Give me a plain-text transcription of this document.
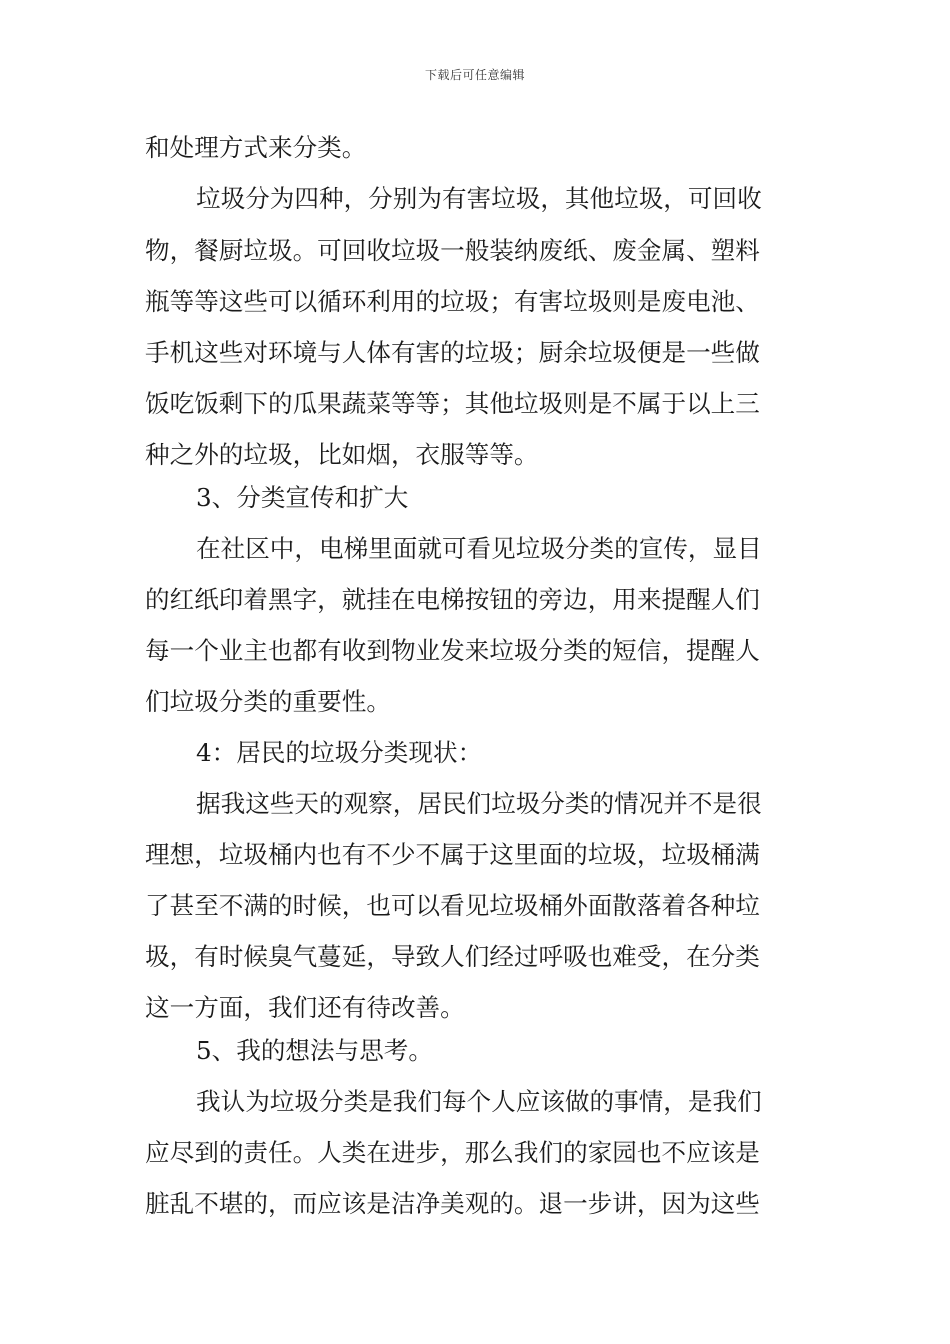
下载后可任意编辑
和处理方式来分类。
垃圾分为四种，分别为有害垃圾，其他垃圾，可回收
物，餐厨垃圾。可回收垃圾一般装纳废纸、废金属、塑料
瓶等等这些可以循环利用的垃圾；有害垃圾则是废电池、
手机这些对环境与人体有害的垃圾；厨余垃圾便是一些做
饭吃饭剩下的瓜果蔬菜等等；其他垃圾则是不属于以上三
种之外的垃圾，比如烟，衣服等等。
3、分类宣传和扩大
在社区中，电梯里面就可看见垃圾分类的宣传，显目
的红纸印着黑字，就挂在电梯按钮的旁边，用来提醒人们
每一个业主也都有收到物业发来垃圾分类的短信，提醒人
们垃圾分类的重要性。
4：居民的垃圾分类现状：
据我这些天的观察，居民们垃圾分类的情况并不是很
理想，垃圾桶内也有不少不属于这里面的垃圾，垃圾桶满
了甚至不满的时候，也可以看见垃圾桶外面散落着各种垃
圾，有时候臭气蔓延，导致人们经过呼吸也难受，在分类
这一方面，我们还有待改善。
5、我的想法与思考。
我认为垃圾分类是我们每个人应该做的事情，是我们
应尽到的责任。人类在进步，那么我们的家园也不应该是
脏乱不堪的，而应该是洁净美观的。退一步讲，因为这些
